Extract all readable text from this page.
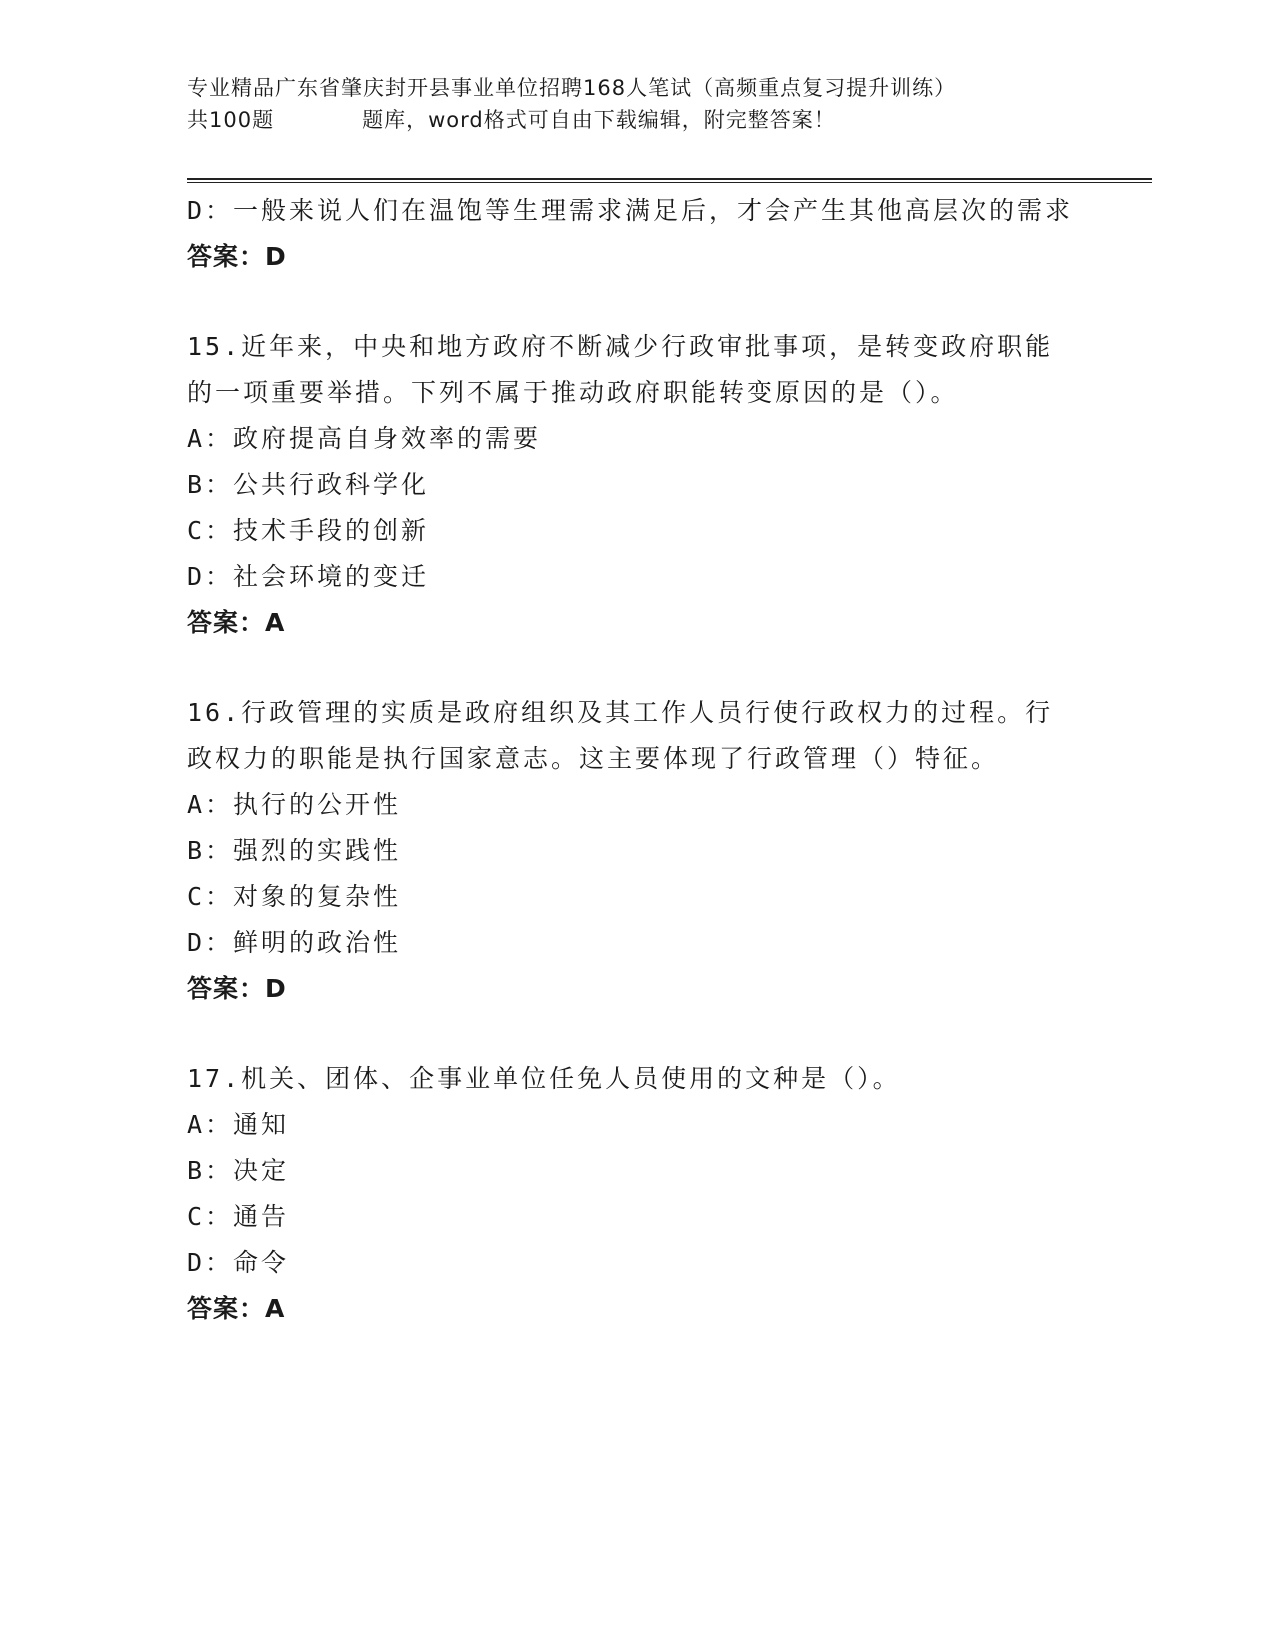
专业精品广东省肇庆封开县事业单位招聘168人笔试（高频重点复习提升训练）
共100题	题库，word格式可自由下载编辑，附完整答案！

D：一般来说人们在温饱等生理需求满足后，才会产生其他高层次的需求

答案：D

15.近年来，中央和地方政府不断减少行政审批事项，是转变政府职能的一项重要举措。下列不属于推动政府职能转变原因的是（）。

A：政府提高自身效率的需要

B：公共行政科学化

C：技术手段的创新

D：社会环境的变迁

答案：A

16.行政管理的实质是政府组织及其工作人员行使行政权力的过程。行政权力的职能是执行国家意志。这主要体现了行政管理（）特征。

A：执行的公开性

B：强烈的实践性

C：对象的复杂性

D：鲜明的政治性

答案：D

17.机关、团体、企事业单位任免人员使用的文种是（）。

A：通知

B：决定

C：通告

D：命令

答案：A
